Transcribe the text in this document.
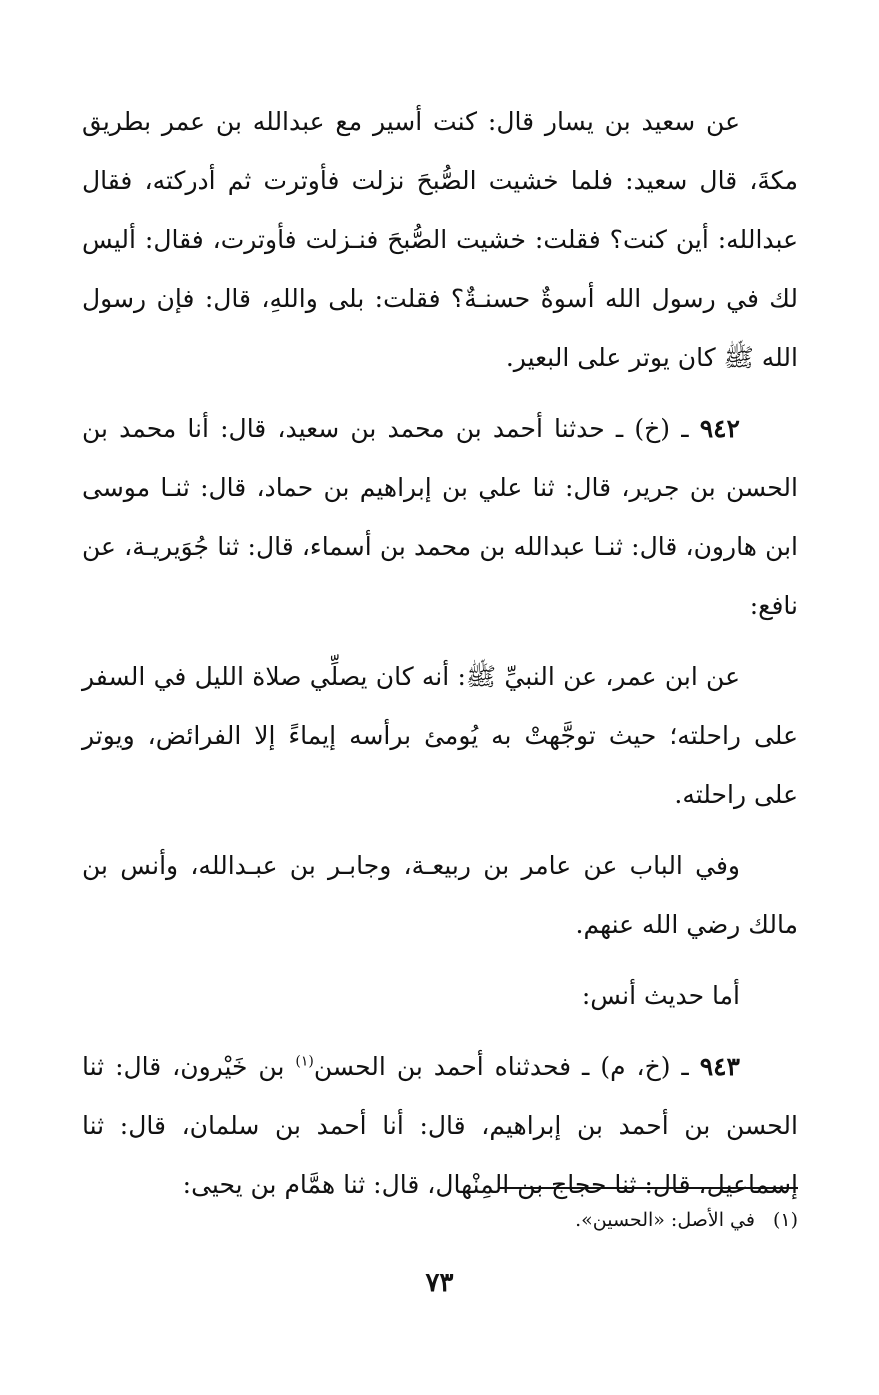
عن سعيد بن يسار قال: كنت أسير مع عبدالله بن عمر بطريق مكةَ، قال سعيد: فلما خشيت الصُّبحَ نزلت فأوترت ثم أدركته، فقال عبدالله: أين كنت؟ فقلت: خشيت الصُّبحَ فنـزلت فأوترت، فقال: أليس لك في رسول الله أسوةٌ حسنـةٌ؟ فقلت: بلى واللهِ، قال: فإن رسول الله ﷺ كان يوتر على البعير.

٩٤٢ ـ (خ) ـ حدثنا أحمد بن محمد بن سعيد، قال: أنا محمد بن الحسن بن جرير، قال: ثنا علي بن إبراهيم بن حماد، قال: ثنـا موسى ابن هارون، قال: ثنـا عبدالله بن محمد بن أسماء، قال: ثنا جُوَيريـة، عن نافع:

عن ابن عمر، عن النبيِّ ﷺ: أنه كان يصلِّي صلاة الليل في السفر على راحلته؛ حيث توجَّهتْ به يُومئ برأسه إيماءً إلا الفرائض، ويوتر على راحلته.

وفي الباب عن عامر بن ربيعـة، وجابـر بن عبـدالله، وأنس بن مالك رضي الله عنهم.

أما حديث أنس:

٩٤٣ ـ (خ، م) ـ فحدثناه أحمد بن الحسن$^{(١)}$ بن خَيْرون، قال: ثنا الحسن بن أحمد بن إبراهيم، قال: أنا أحمد بن سلمان، قال: ثنا إسماعيل، قال: ثنا حجاج بن المِنْهال، قال: ثنا همَّام بن يحيى:

(١)في الأصل: «الحسين».
٧٣
